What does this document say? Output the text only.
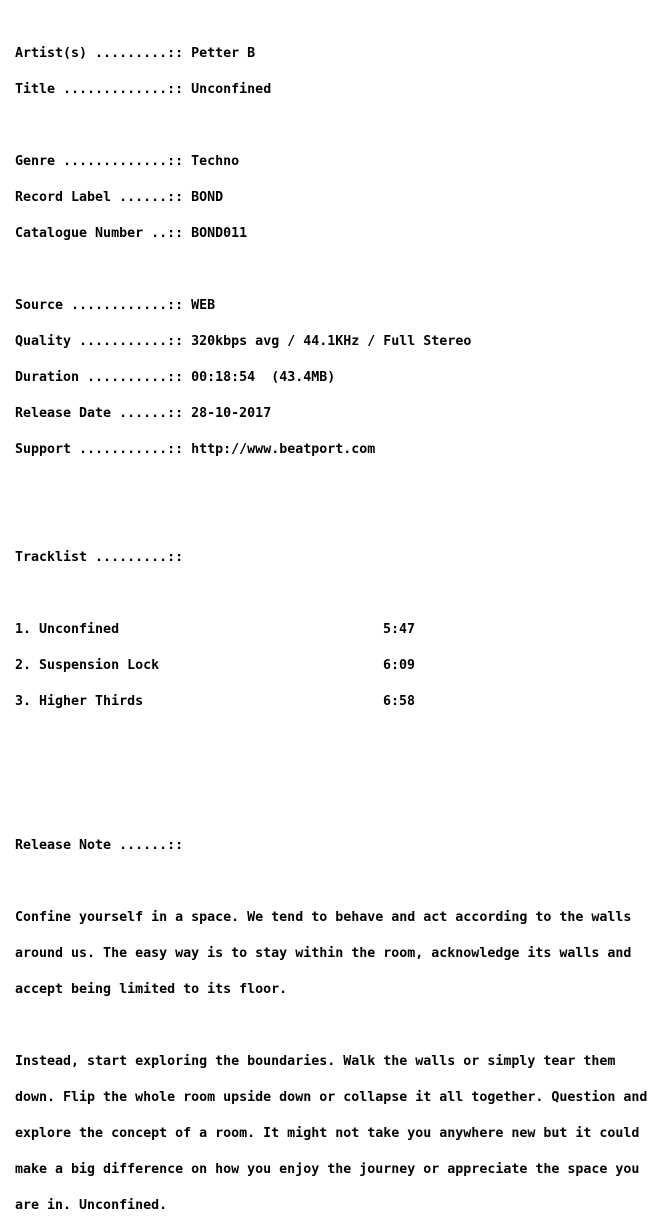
Artist(s) .........:: Petter B

Title .............:: Unconfined

Genre .............:: Techno

Record Label ......:: BOND

Catalogue Number ..:: BOND011

Source ............:: WEB

Quality ...........:: 320kbps avg / 44.1KHz / Full Stereo

Duration ..........:: 00:18:54  (43.4MB)

Release Date ......:: 28-10-2017

Support ...........:: http://www.beatport.com

Tracklist .........::

1. Unconfined	5:47

2. Suspension Lock	6:09

3. Higher Thirds	6:58

Release Note ......::

Confine yourself in a space. We tend to behave and act according to the walls

around us. The easy way is to stay within the room, acknowledge its walls and

accept being limited to its floor.

Instead, start exploring the boundaries. Walk the walls or simply tear them

down. Flip the whole room upside down or collapse it all together. Question and

explore the concept of a room. It might not take you anywhere new but it could

make a big difference on how you enjoy the journey or appreciate the space you

are in. Unconfined.
